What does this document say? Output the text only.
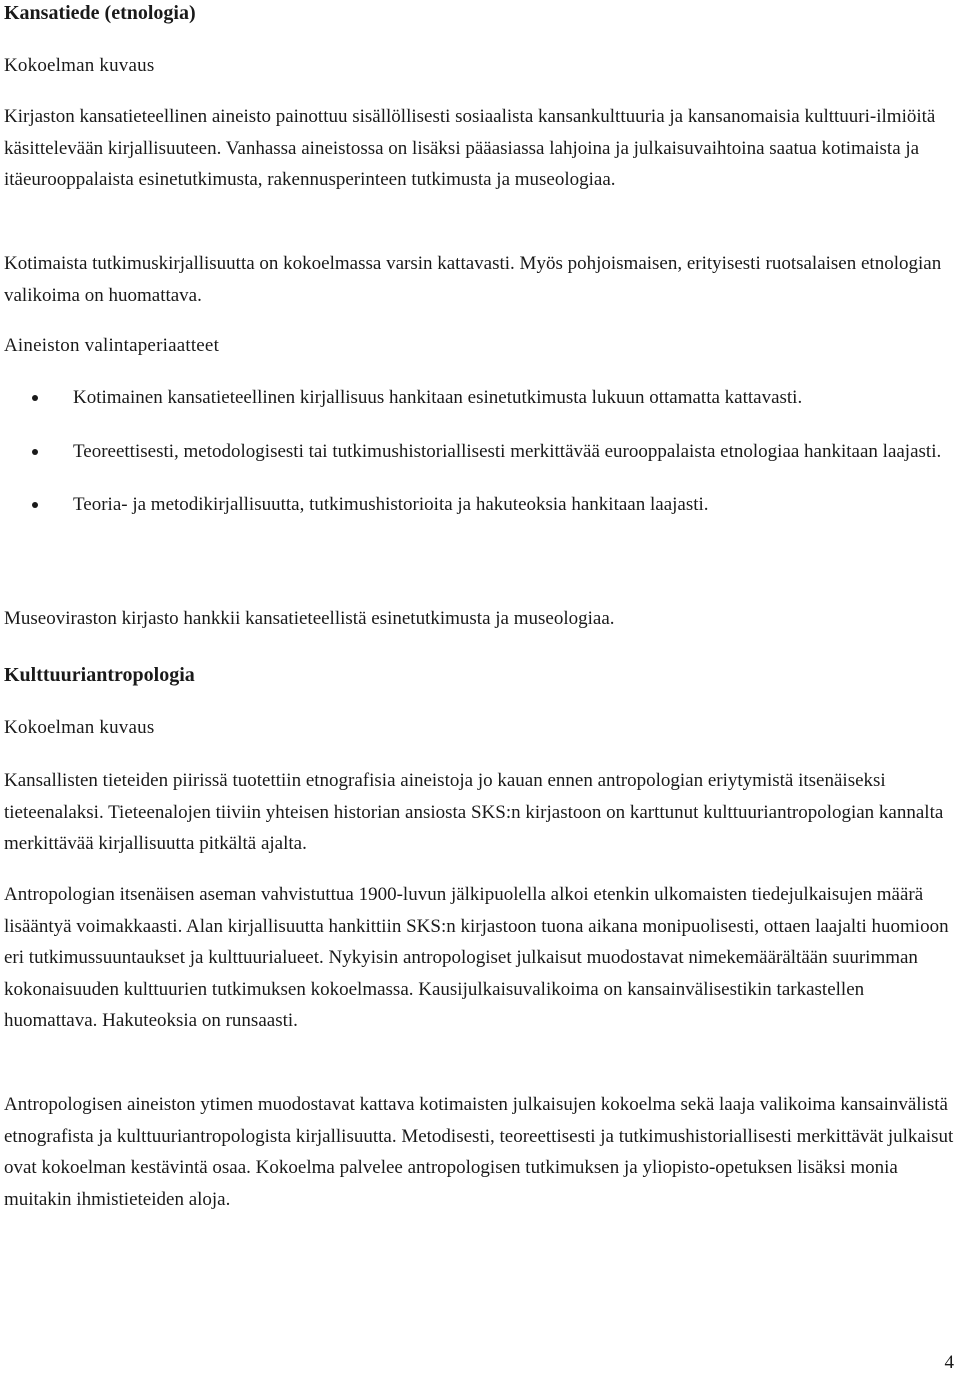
Kansatiede (etnologia)
Kokoelman kuvaus

Kirjaston kansatieteellinen aineisto painottuu sisällöllisesti sosiaalista kansankulttuuria ja kansanomaisia kulttuuri-ilmiöitä käsittelevään kirjallisuuteen. Vanhassa aineistossa on lisäksi pääasiassa lahjoina ja julkaisuvaihtoina saatua kotimaista ja itäeurooppalaista esinetutkimusta, rakennusperinteen tutkimusta ja museologiaa.

Kotimaista tutkimuskirjallisuutta on kokoelmassa varsin kattavasti. Myös pohjoismaisen, erityisesti ruotsalaisen etnologian valikoima on huomattava.

Aineiston valintaperiaatteet
Kotimainen kansatieteellinen kirjallisuus hankitaan esinetutkimusta lukuun ottamatta kattavasti.
Teoreettisesti, metodologisesti tai tutkimushistoriallisesti merkittävää eurooppalaista etnologiaa hankitaan laajasti.
Teoria- ja metodikirjallisuutta, tutkimushistorioita ja hakuteoksia hankitaan laajasti.

Museoviraston kirjasto hankkii kansatieteellistä esinetutkimusta ja museologiaa.

Kulttuuriantropologia
Kokoelman kuvaus

Kansallisten tieteiden piirissä tuotettiin etnografisia aineistoja jo kauan ennen antropologian eriytymistä itsenäiseksi tieteenalaksi. Tieteenalojen tiiviin yhteisen historian ansiosta SKS:n kirjastoon on karttunut kulttuuriantropologian kannalta merkittävää kirjallisuutta pitkältä ajalta.

Antropologian itsenäisen aseman vahvistuttua 1900-luvun jälkipuolella alkoi etenkin ulkomaisten tiedejulkaisujen määrä lisääntyä voimakkaasti. Alan kirjallisuutta hankittiin SKS:n kirjastoon tuona aikana monipuolisesti, ottaen laajalti huomioon eri tutkimussuuntaukset ja kulttuurialueet. Nykyisin antropologiset julkaisut muodostavat nimekemäärältään suurimman kokonaisuuden kulttuurien tutkimuksen kokoelmassa. Kausijulkaisuvalikoima on kansainvälisestikin tarkastellen huomattava. Hakuteoksia on runsaasti.

Antropologisen aineiston ytimen muodostavat kattava kotimaisten julkaisujen kokoelma sekä laaja valikoima kansainvälistä etnografista ja kulttuuriantropologista kirjallisuutta. Metodisesti, teoreettisesti ja tutkimushistoriallisesti merkittävät julkaisut ovat kokoelman kestävintä osaa. Kokoelma palvelee antropologisen tutkimuksen ja yliopisto-opetuksen lisäksi monia muitakin ihmistieteiden aloja.

4
